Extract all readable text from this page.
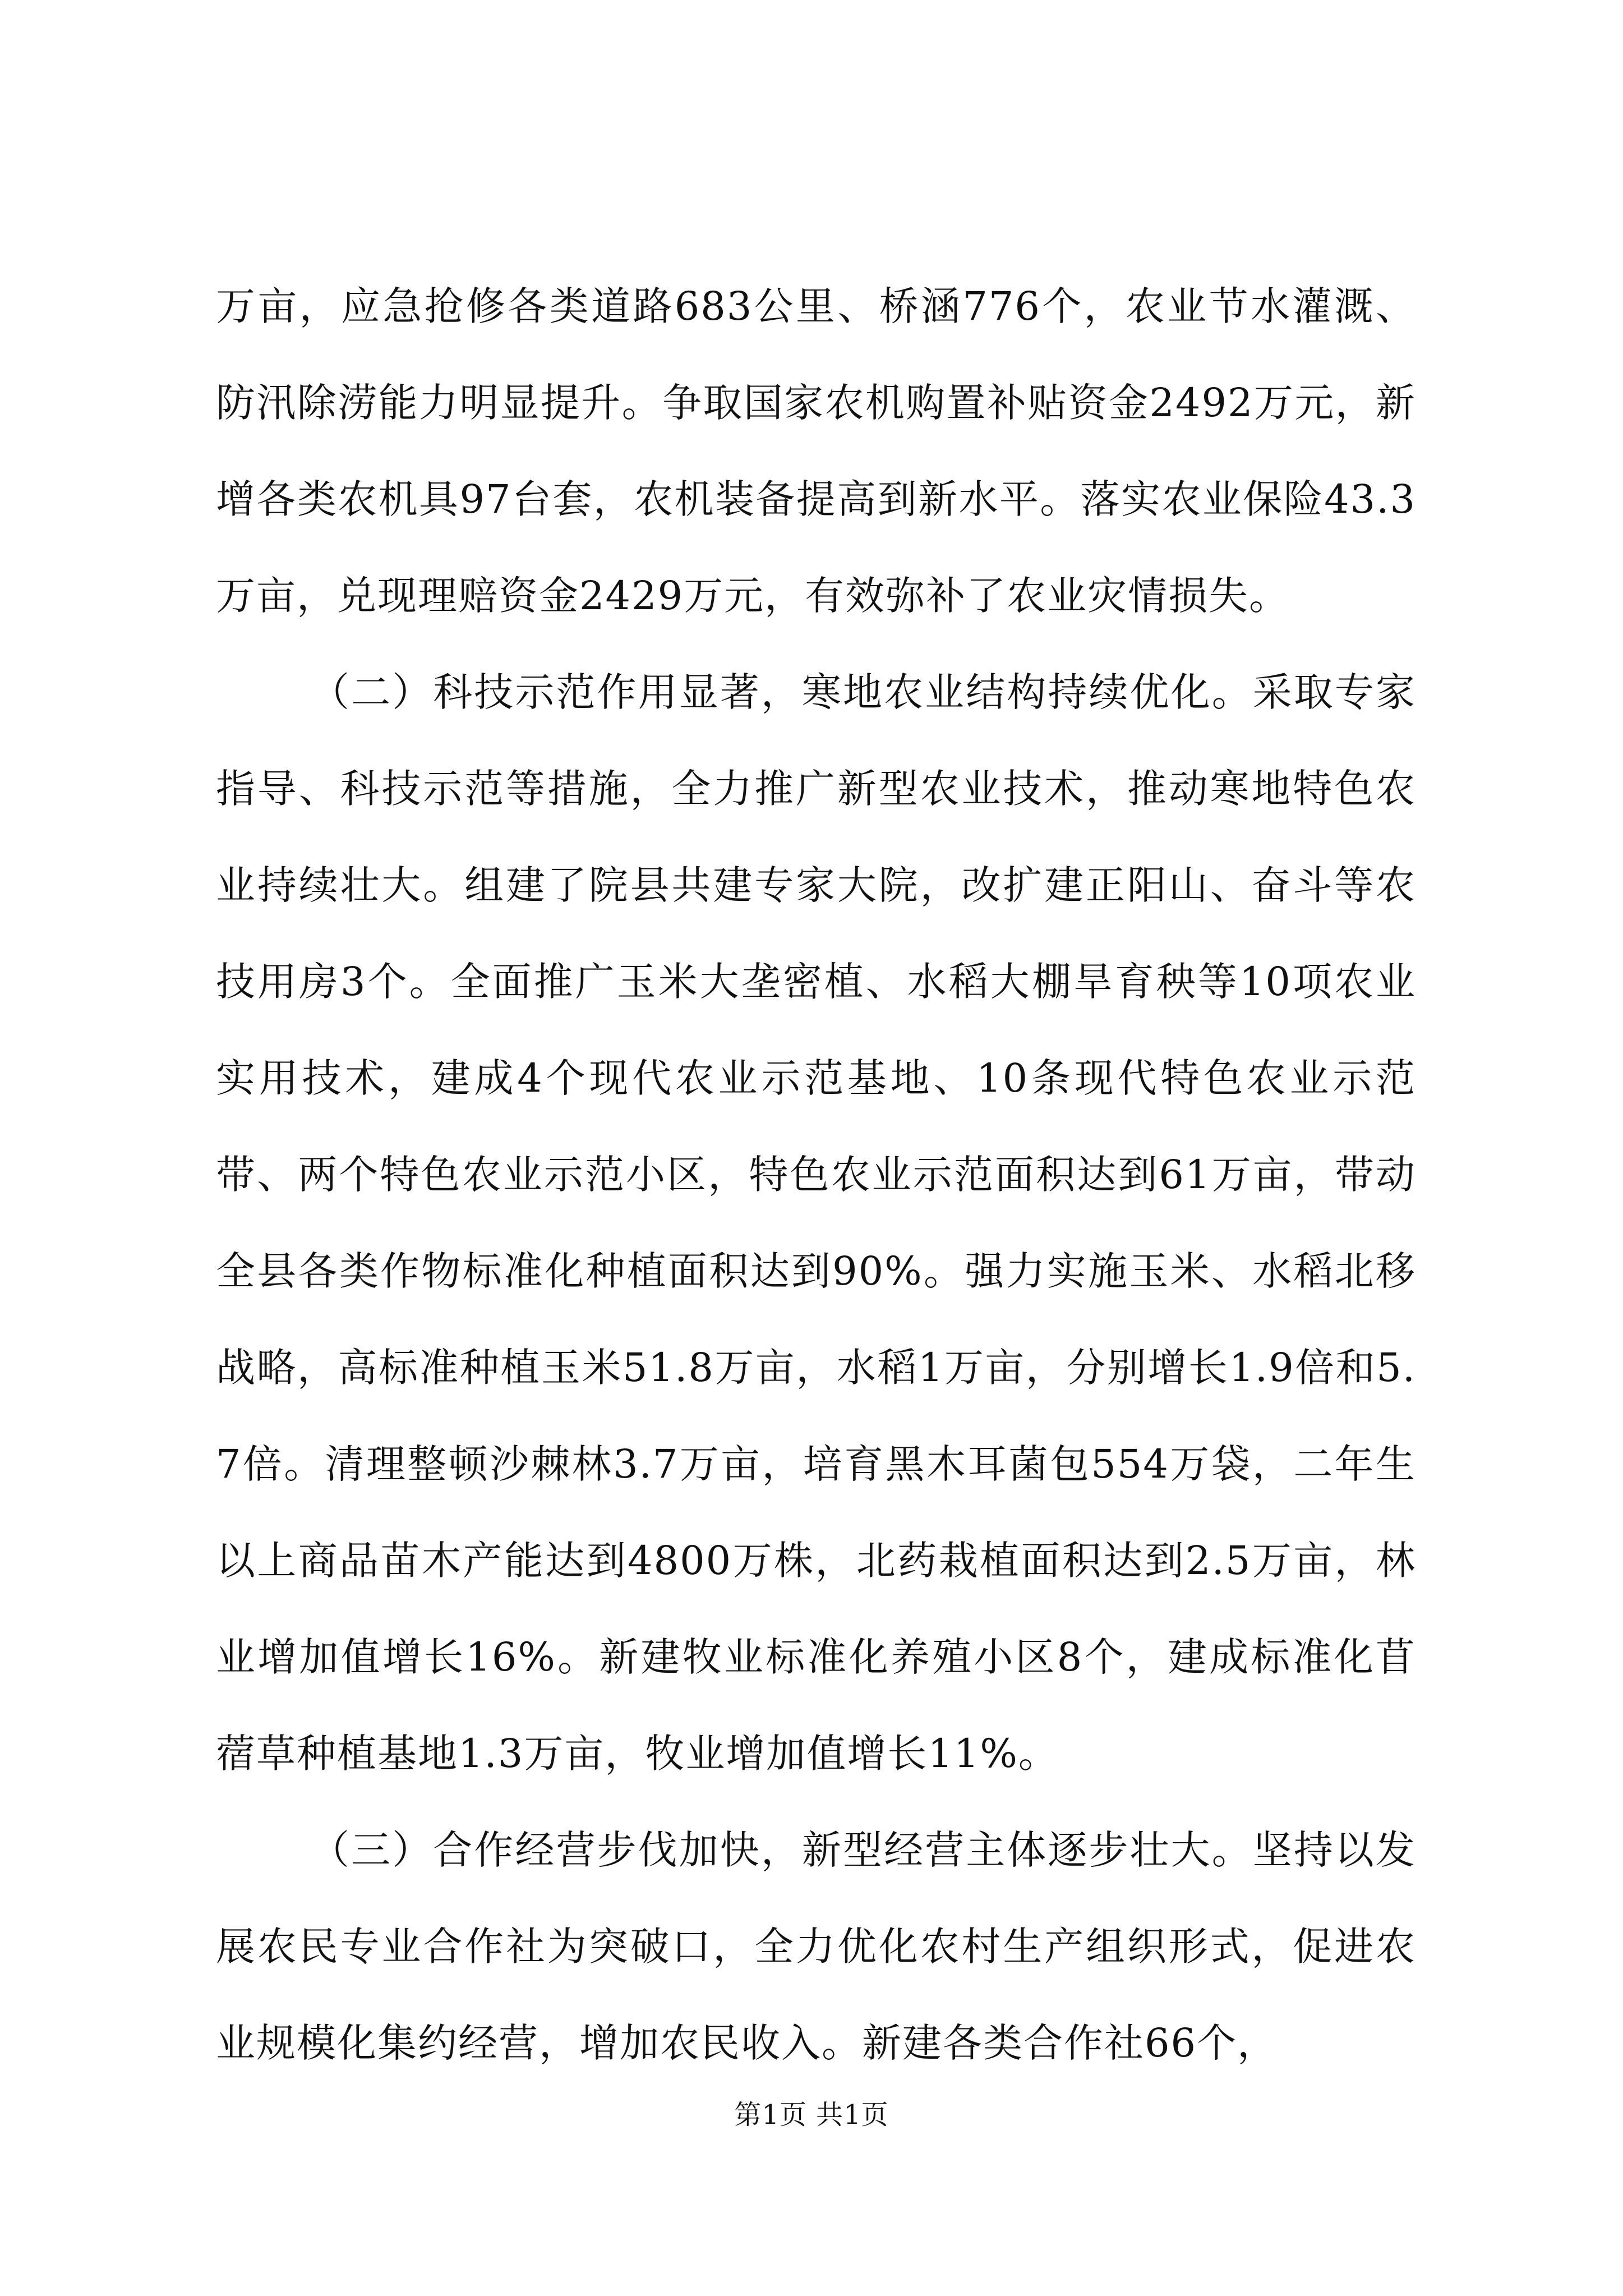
万亩，应急抢修各类道路683公里、桥涵776个，农业节水灌溉、防汛除涝能力明显提升。争取国家农机购置补贴资金2492万元，新增各类农机具97台套，农机装备提高到新水平。落实农业保险43.3万亩，兑现理赔资金2429万元，有效弥补了农业灾情损失。

（二）科技示范作用显著，寒地农业结构持续优化。采取专家指导、科技示范等措施，全力推广新型农业技术，推动寒地特色农业持续壮大。组建了院县共建专家大院，改扩建正阳山、奋斗等农技用房3个。全面推广玉米大垄密植、水稻大棚旱育秧等10项农业实用技术，建成4个现代农业示范基地、10条现代特色农业示范带、两个特色农业示范小区，特色农业示范面积达到61万亩，带动全县各类作物标准化种植面积达到90%。强力实施玉米、水稻北移战略，高标准种植玉米51.8万亩，水稻1万亩，分别增长1.9倍和5.7倍。清理整顿沙棘林3.7万亩，培育黑木耳菌包554万袋，二年生以上商品苗木产能达到4800万株，北药栽植面积达到2.5万亩，林业增加值增长16%。新建牧业标准化养殖小区8个，建成标准化苜蓿草种植基地1.3万亩，牧业增加值增长11%。

（三）合作经营步伐加快，新型经营主体逐步壮大。坚持以发展农民专业合作社为突破口，全力优化农村生产组织形式，促进农业规模化集约经营，增加农民收入。新建各类合作社66个，

第1页 共1页
